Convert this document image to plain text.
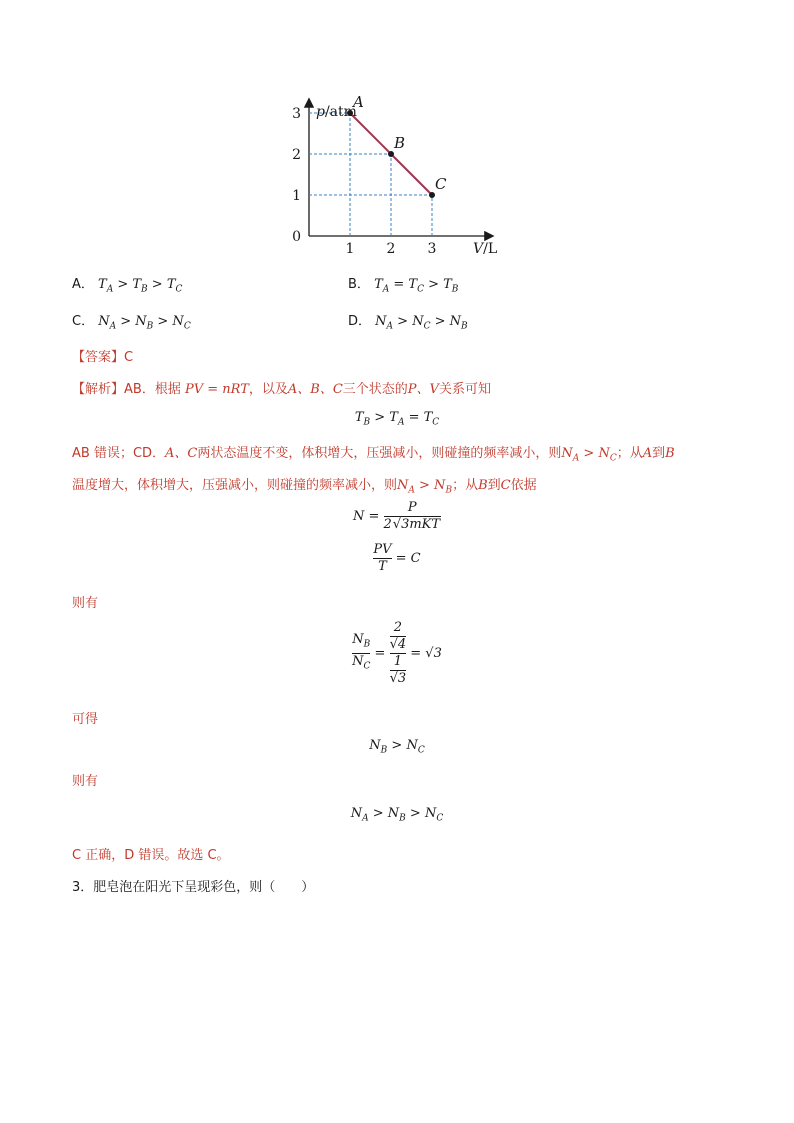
A
B
C
1 2 3
1
2
3
0
p/atm
V/L
A． $T_A > T_B > T_C$	B． $T_A = T_C > T_B$
C． $N_A > N_B > N_C$	D． $N_A > N_C > N_B$
【答案】C
【解析】AB．根据 PV = nRT，以及A、B、C三个状态的P、V关系可知
$T_B > T_A = T_C$
AB 错误；CD．A、C两状态温度不变，体积增大，压强减小，则碰撞的频率减小，则$N_A > N_C$；从A到B
温度增大，体积增大，压强减小，则碰撞的频率减小，则$N_A > N_B$；从B到C依据
$N = \frac{P}{\text{2√3mKT}}$
$\frac{PV}{T} = C$
则有
$\frac{N_B}{N_C} = \frac{\frac{2}{√4}}{\frac{1}{√3}} = √3$
可得
$N_B > N_C$
则有
$N_A > N_B > N_C$
C 正确，D 错误。故选 C。
3．肥皂泡在阳光下呈现彩色，则（　　）
